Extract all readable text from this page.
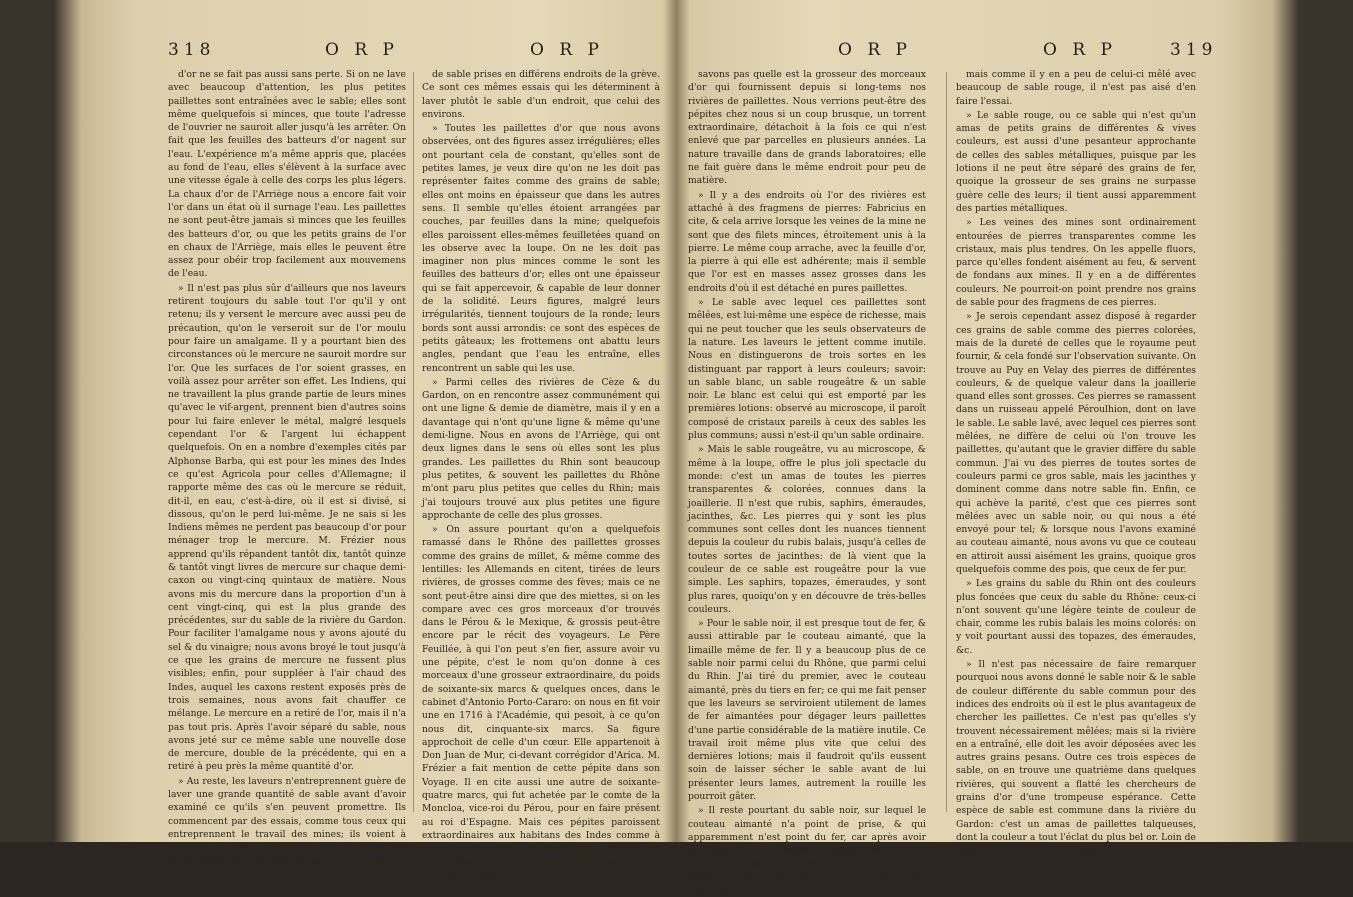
318	O R P	O R P

d'or ne se fait pas aussi sans perte. Si on ne lave avec beaucoup d'attention, les plus petites paillettes sont entraînées avec le sable; elles sont même quelquefois si minces, que toute l'adresse de l'ouvrier ne sauroit aller jusqu'à les arrêter. On fait que les feuilles des batteurs d'or nagent sur l'eau. L'expérience m'a même appris que, placées au fond de l'eau, elles s'élèvent à la surface avec une vitesse égale à celle des corps les plus légers. La chaux d'or de l'Arriège nous a encore fait voir l'or dans un état où il surnage l'eau. Les paillettes ne sont peut-être jamais si minces que les feuilles des batteurs d'or, ou que les petits grains de l'or en chaux de l'Arriège, mais elles le peuvent être assez pour obéir trop facilement aux mouvemens de l'eau.

» Il n'est pas plus sûr d'ailleurs que nos laveurs retirent toujours du sable tout l'or qu'il y ont retenu; ils y versent le mercure avec aussi peu de précaution, qu'on le verseroit sur de l'or moulu pour faire un amalgame. Il y a pourtant bien des circonstances où le mercure ne sauroit mordre sur l'or. Que les surfaces de l'or soient grasses, en voilà assez pour arrêter son effet. Les Indiens, qui ne travaillent la plus grande partie de leurs mines qu'avec le vif-argent, prennent bien d'autres soins pour lui faire enlever le métal, malgré lesquels cependant l'or & l'argent lui échappent quelquefois. On en a nombre d'exemples cités par Alphonse Barba, qui est pour les mines des Indes ce qu'est Agricola pour celles d'Allemagne; il rapporte même des cas où le mercure se réduit, dit-il, en eau, c'est-à-dire, où il est si divisé, si dissous, qu'on le perd lui-même. Je ne sais si les Indiens mêmes ne perdent pas beaucoup d'or pour ménager trop le mercure. M. Frézier nous apprend qu'ils répandent tantôt dix, tantôt quinze & tantôt vingt livres de mercure sur chaque demi-caxon ou vingt-cinq quintaux de matière. Nous avons mis du mercure dans la proportion d'un à cent vingt-cinq, qui est la plus grande des précédentes, sur du sable de la rivière du Gardon. Pour faciliter l'amalgame nous y avons ajouté du sel & du vinaigre; nous avons broyé le tout jusqu'à ce que les grains de mercure ne fussent plus visibles; enfin, pour suppléer à l'air chaud des Indes, auquel les caxons restent exposés près de trois semaines, nous avons fait chauffer ce mélange. Le mercure en a retiré de l'or, mais il n'a pas tout pris. Après l'avoir séparé du sable, nous avons jeté sur ce même sable une nouvelle dose de mercure, double de la précédente, qui en a retiré à peu près la même quantité d'or.

» Au reste, les laveurs n'entreprennent guère de laver une grande quantité de sable avant d'avoir examiné ce qu'ils s'en peuvent promettre. Ils commencent par des essais, comme tous ceux qui entreprennent le travail des mines; ils voient à peu près sur quel pied leur tems sera payé, par ce qu'ils retirent d'or de diverses petites portions

de sable prises en différens endroits de la grève. Ce sont ces mêmes essais qui les déterminent à laver plutôt le sable d'un endroit, que celui des environs.

» Toutes les paillettes d'or que nous avons observées, ont des figures assez irrégulières; elles ont pourtant cela de constant, qu'elles sont de petites lames, je veux dire qu'on ne les doit pas représenter faites comme des grains de sable; elles ont moins en épaisseur que dans les autres sens. Il semble qu'elles étoient arrangées par couches, par feuilles dans la mine; quelquefois elles paroissent elles-mêmes feuilletées quand on les observe avec la loupe. On ne les doit pas imaginer non plus minces comme le sont les feuilles des batteurs d'or; elles ont une épaisseur qui se fait appercevoir, & capable de leur donner de la solidité. Leurs figures, malgré leurs irrégularités, tiennent toujours de la ronde; leurs bords sont aussi arrondis: ce sont des espèces de petits gâteaux; les frottemens ont abattu leurs angles, pendant que l'eau les entraîne, elles rencontrent un sable qui les use.

» Parmi celles des rivières de Cèze & du Gardon, on en rencontre assez communément qui ont une ligne & demie de diamètre, mais il y en a davantage qui n'ont qu'une ligne & même qu'une demi-ligne. Nous en avons de l'Arriège, qui ont deux lignes dans le sens où elles sont les plus grandes. Les paillettes du Rhin sont beaucoup plus petites, & souvent les paillettes du Rhône m'ont paru plus petites que celles du Rhin; mais j'ai toujours trouvé aux plus petites une figure approchante de celle des plus grosses.

» On assure pourtant qu'on a quelquefois ramassé dans le Rhône des paillettes grosses comme des grains de millet, & même comme des lentilles: les Allemands en citent, tirées de leurs rivières, de grosses comme des fèves; mais ce ne sont peut-être ainsi dire que des miettes, si on les compare avec ces gros morceaux d'or trouvés dans le Pérou & le Mexique, & grossis peut-être encore par le récit des voyageurs. Le Père Feuillée, à qui l'on peut s'en fier, assure avoir vu une pépite, c'est le nom qu'on donne à ces morceaux d'une grosseur extraordinaire, du poids de soixante-six marcs & quelques onces, dans le cabinet d'Antonio Porto-Cararo: on nous en fit voir une en 1716 à l'Académie, qui pesoit, à ce qu'on nous dit, cinquante-six marcs. Sa figure approchoit de celle d'un cœur. Elle appartenoit à Don Juan de Mur, ci-devant corrégidor d'Arica. M. Frézier a fait mention de cette pépite dans son Voyage. Il en cite aussi une autre de soixante-quatre marcs, qui fut achetée par le comte de la Moncloa, vice-roi du Pérou, pour en faire présent au roi d'Espagne. Mais ces pépites paroissent extraordinaires aux habitans des Indes comme à nous. Ce sont des morceaux de mines entiers, qui sont détachés ou découverts par des torrens rapides, & nous ne

O R P	O R P	319

savons pas quelle est la grosseur des morceaux d'or qui fournissent depuis si long-tems nos rivières de paillettes. Nous verrions peut-être des pépites chez nous si un coup brusque, un torrent extraordinaire, détachoit à la fois ce qui n'est enlevé que par parcelles en plusieurs années. La nature travaille dans de grands laboratoires; elle ne fait guère dans le même endroit pour peu de matière.

» Il y a des endroits où l'or des rivières est attaché à des fragmens de pierres: Fabricius en cite, & cela arrive lorsque les veines de la mine ne sont que des filets minces, étroitement unis à la pierre. Le même coup arrache, avec la feuille d'or, la pierre à qui elle est adhérente; mais il semble que l'or est en masses assez grosses dans les endroits d'où il est détaché en pures paillettes.

» Le sable avec lequel ces paillettes sont mêlées, est lui-même une espèce de richesse, mais qui ne peut toucher que les seuls observateurs de la nature. Les laveurs le jettent comme inutile. Nous en distinguerons de trois sortes en les distinguant par rapport à leurs couleurs; savoir: un sable blanc, un sable rougeâtre & un sable noir. Le blanc est celui qui est emporté par les premières lotions: observé au microscope, il paroît composé de cristaux pareils à ceux des sables les plus communs; aussi n'est-il qu'un sable ordinaire.

» Mais le sable rougeâtre, vu au microscope, & même à la loupe, offre le plus joli spectacle du monde: c'est un amas de toutes les pierres transparentes & colorées, connues dans la joaillerie. Il n'est que rubis, saphirs, émeraudes, jacinthes, &c. Les pierres qui y sont les plus communes sont celles dont les nuances tiennent depuis la couleur du rubis balais, jusqu'à celles de toutes sortes de jacinthes: de là vient que la couleur de ce sable est rougeâtre pour la vue simple. Les saphirs, topazes, émeraudes, y sont plus rares, quoiqu'on y en découvre de très-belles couleurs.

» Pour le sable noir, il est presque tout de fer, & aussi attirable par le couteau aimanté, que la limaille même de fer. Il y a beaucoup plus de ce sable noir parmi celui du Rhône, que parmi celui du Rhin. J'ai tiré du premier, avec le couteau aimanté, près du tiers en fer; ce qui me fait penser que les laveurs se serviroient utilement de lames de fer aimantées pour dégager leurs paillettes d'une partie considérable de la matière inutile. Ce travail iroit même plus vite que celui des dernières lotions; mais il faudroit qu'ils eussent soin de laisser sécher le sable avant de lui présenter leurs lames, autrement la rouille les pourroit gâter.

» Il reste pourtant du sable noir, sur lequel le couteau aimanté n'a point de prise, & qui apparemment n'est point du fer, car après avoir été exposé au feu pendant quelque tems, il n'en devient pas plus attirable. La pesanteur de ce sable semble cependant prouver qu'il est métallique;

mais comme il y en a peu de celui-ci mêlé avec beaucoup de sable rouge, il n'est pas aisé d'en faire l'essai.

» Le sable rouge, ou ce sable qui n'est qu'un amas de petits grains de différentes & vives couleurs, est aussi d'une pesanteur approchante de celles des sables métalliques, puisque par les lotions il ne peut être séparé des grains de fer, quoique la grosseur de ses grains ne surpasse guère celle des leurs; il tient aussi apparemment des parties métalliques.

» Les veines des mines sont ordinairement entourées de pierres transparentes comme les cristaux, mais plus tendres. On les appelle fluors, parce qu'elles fondent aisément au feu, & servent de fondans aux mines. Il y en a de différentes couleurs. Ne pourroit-on point prendre nos grains de sable pour des fragmens de ces pierres.

» Je serois cependant assez disposé à regarder ces grains de sable comme des pierres colorées, mais de la dureté de celles que le royaume peut fournir, & cela fondé sur l'observation suivante. On trouve au Puy en Velay des pierres de différentes couleurs, & de quelque valeur dans la joaillerie quand elles sont grosses. Ces pierres se ramassent dans un ruisseau appelé Péroulhion, dont on lave le sable. Le sable lavé, avec lequel ces pierres sont mêlées, ne diffère de celui où l'on trouve les paillettes, qu'autant que le gravier diffère du sable commun. J'ai vu des pierres de toutes sortes de couleurs parmi ce gros sable, mais les jacinthes y dominent comme dans notre sable fin. Enfin, ce qui achève la parité, c'est que ces pierres sont mêlées avec un sable noir, ou qui nous a été envoyé pour tel; & lorsque nous l'avons examiné au couteau aimanté, nous avons vu que ce couteau en attiroit aussi aisément les grains, quoique gros quelquefois comme des pois, que ceux de fer pur.

» Les grains du sable du Rhin ont des couleurs plus foncées que ceux du sable du Rhône: ceux-ci n'ont souvent qu'une légère teinte de couleur de chair, comme les rubis balais les moins colorés: on y voit pourtant aussi des topazes, des émeraudes, &c.

» Il n'est pas nécessaire de faire remarquer pourquoi nous avons donné le sable noir & le sable de couleur différente du sable commun pour des indices des endroits où il est le plus avantageux de chercher les paillettes. Ce n'est pas qu'elles s'y trouvent nécessairement mêlées; mais si la rivière en a entraîné, elle doit les avoir déposées avec les autres grains pesans. Outre ces trois espèces de sable, on en trouve une quatrième dans quelques rivières, qui souvent a flatté les chercheurs de grains d'or d'une trompeuse espérance. Cette espèce de sable est commune dans la rivière du Gardon: c'est un amas de paillettes talqueuses, dont la couleur a tout l'éclat du plus bel or. Loin de la perdre au feu, cette couleur, elle
